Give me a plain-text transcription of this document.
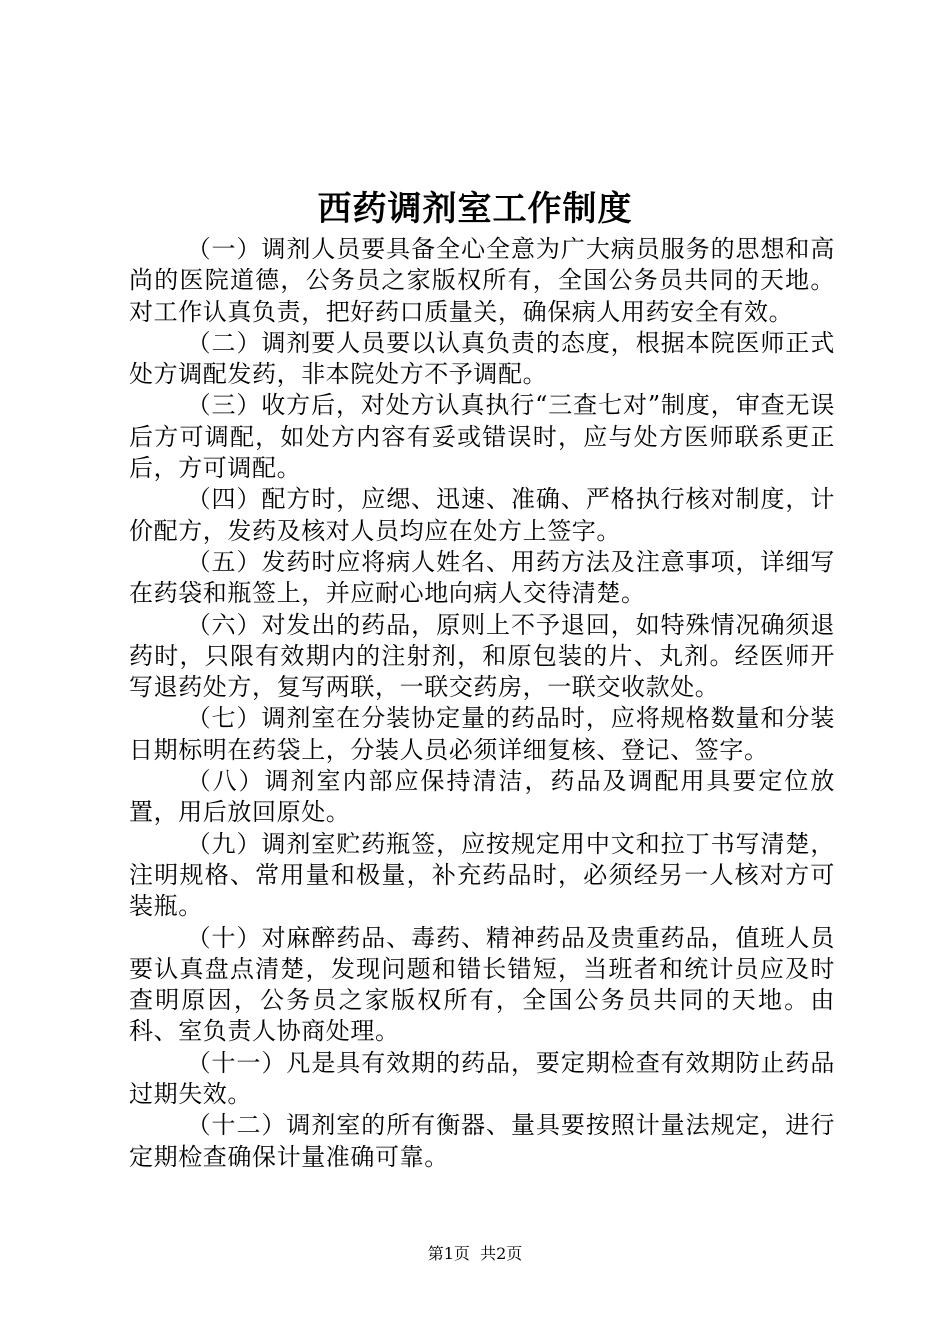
西药调剂室工作制度

（一）调剂人员要具备全心全意为广大病员服务的思想和高尚的医院道德，公务员之家版权所有，全国公务员共同的天地。对工作认真负责，把好药口质量关，确保病人用药安全有效。

（二）调剂要人员要以认真负责的态度，根据本院医师正式处方调配发药，非本院处方不予调配。

（三）收方后，对处方认真执行“三查七对”制度，审查无误后方可调配，如处方内容有妥或错误时，应与处方医师联系更正后，方可调配。

（四）配方时，应缌、迅速、准确、严格执行核对制度，计价配方，发药及核对人员均应在处方上签字。

（五）发药时应将病人姓名、用药方法及注意事项，详细写在药袋和瓶签上，并应耐心地向病人交待清楚。

（六）对发出的药品，原则上不予退回，如特殊情况确须退药时，只限有效期内的注射剂，和原包装的片、丸剂。经医师开写退药处方，复写两联，一联交药房，一联交收款处。

（七）调剂室在分装协定量的药品时，应将规格数量和分装日期标明在药袋上，分装人员必须详细复核、登记、签字。

（八）调剂室内部应保持清洁，药品及调配用具要定位放置，用后放回原处。

（九）调剂室贮药瓶签，应按规定用中文和拉丁书写清楚，注明规格、常用量和极量，补充药品时，必须经另一人核对方可装瓶。

（十）对麻醉药品、毒药、精神药品及贵重药品，值班人员要认真盘点清楚，发现问题和错长错短，当班者和统计员应及时查明原因，公务员之家版权所有，全国公务员共同的天地。由科、室负责人协商处理。

（十一）凡是具有效期的药品，要定期检查有效期防止药品过期失效。

（十二）调剂室的所有衡器、量具要按照计量法规定，进行定期检查确保计量准确可靠。

第1页 共2页
